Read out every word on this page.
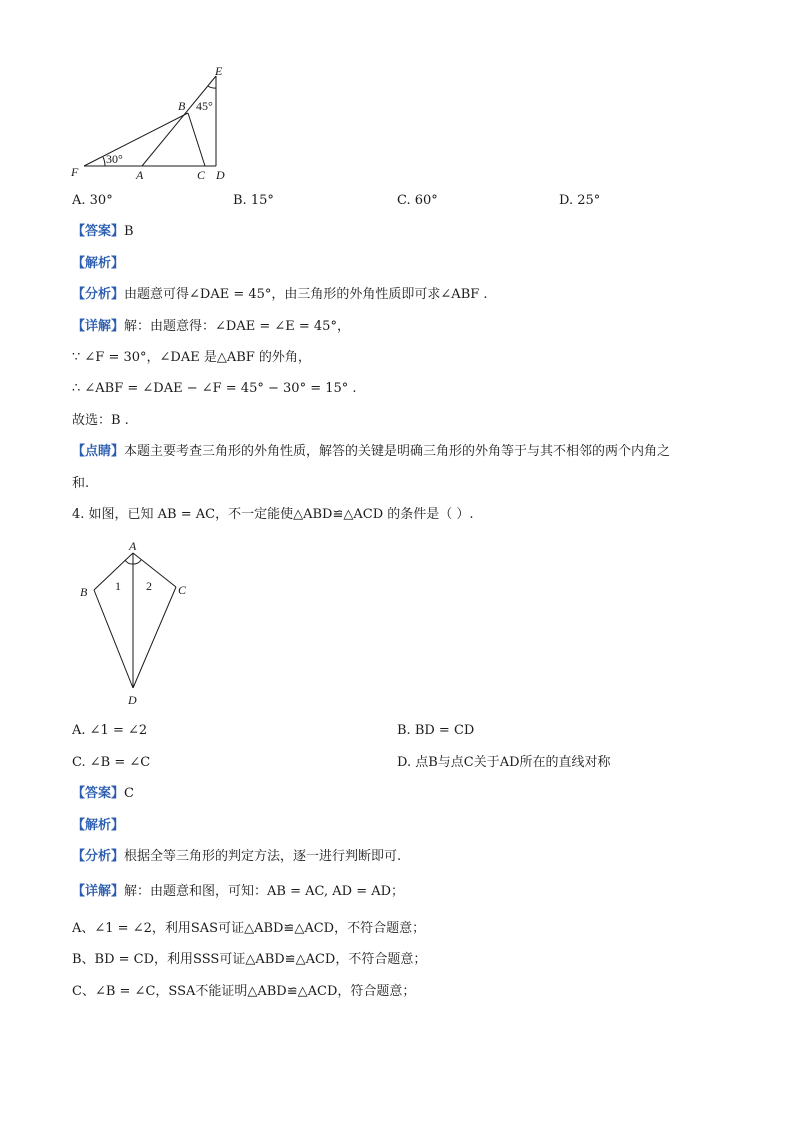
E
B 45°
F
30°
A	C D
A. 30°	B. 15°	C. 60°	D. 25°
【答案】B
【解析】
【分析】由题意可得∠DAE = 45°，由三角形的外角性质即可求∠ABF .
【详解】解：由题意得：∠DAE = ∠E = 45°，
∵ ∠F = 30°，∠DAE 是△ABF 的外角，
∴ ∠ABF = ∠DAE − ∠F = 45° − 30° = 15° .
故选：B .
【点睛】本题主要考查三角形的外角性质，解答的关键是明确三角形的外角等于与其不相邻的两个内角之
和.
4. 如图，已知 AB = AC，不一定能使△ABD≌△ACD 的条件是（ ）.
A
B	C
D
1 2
A. ∠1 = ∠2	B. BD = CD
C. ∠B = ∠C	D. 点B与点C关于AD所在的直线对称
【答案】C
【解析】
【分析】根据全等三角形的判定方法，逐一进行判断即可.
【详解】解：由题意和图，可知：AB = AC, AD = AD；
A、∠1 = ∠2，利用SAS可证△ABD≌△ACD，不符合题意；
B、BD = CD，利用SSS可证△ABD≌△ACD，不符合题意；
C、∠B = ∠C，SSA不能证明△ABD≌△ACD，符合题意；
